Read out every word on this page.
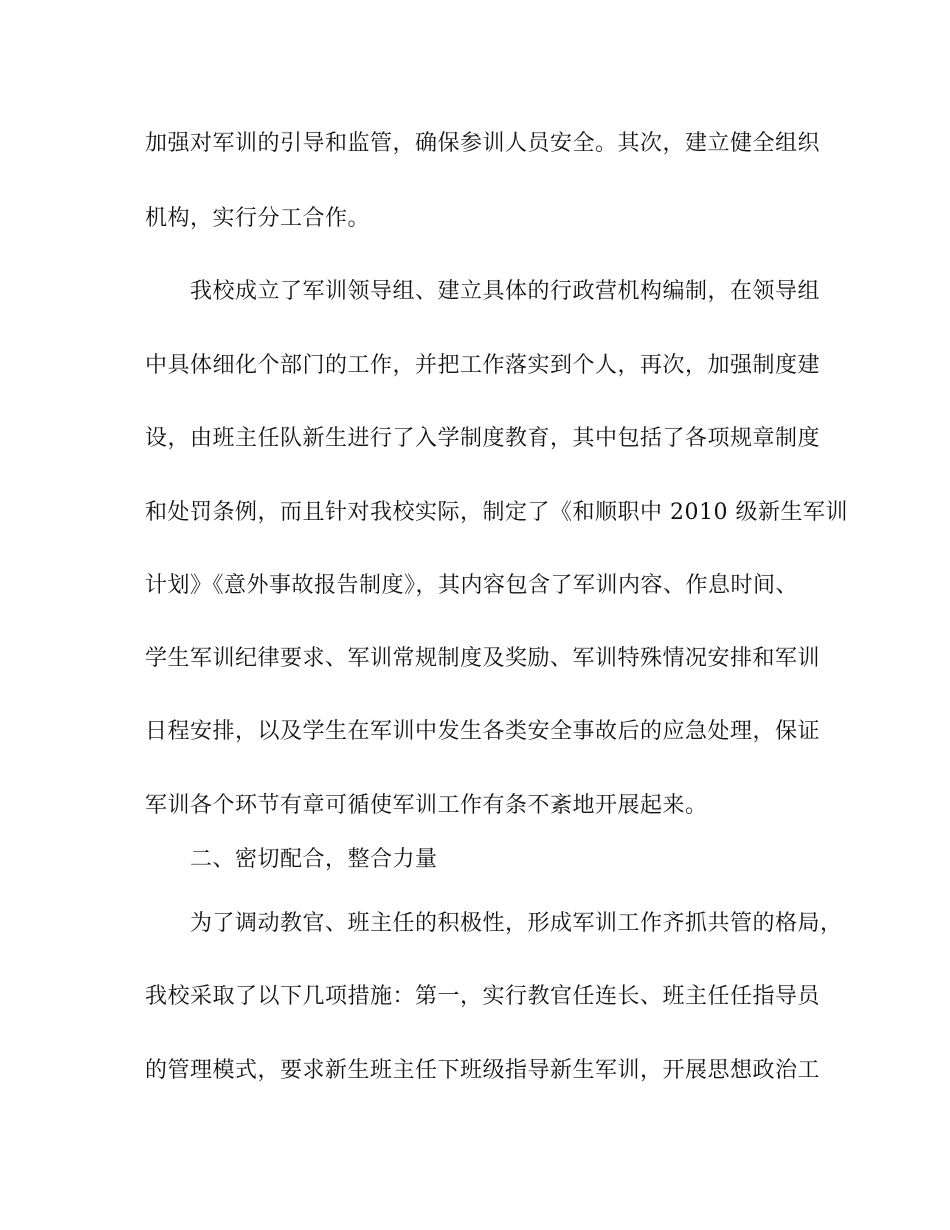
加强对军训的引导和监管，确保参训人员安全。其次，建立健全组织
机构，实行分工合作。
我校成立了军训领导组、建立具体的行政营机构编制，在领导组
中具体细化个部门的工作，并把工作落实到个人，再次，加强制度建
设，由班主任队新生进行了入学制度教育，其中包括了各项规章制度
和处罚条例，而且针对我校实际，制定了《和顺职中 2010 级新生军训
计划》《意外事故报告制度》，其内容包含了军训内容、作息时间、
学生军训纪律要求、军训常规制度及奖励、军训特殊情况安排和军训
日程安排，以及学生在军训中发生各类安全事故后的应急处理，保证
军训各个环节有章可循使军训工作有条不紊地开展起来。
二、密切配合，整合力量
为了调动教官、班主任的积极性，形成军训工作齐抓共管的格局，
我校采取了以下几项措施：第一，实行教官任连长、班主任任指导员
的管理模式，要求新生班主任下班级指导新生军训，开展思想政治工
